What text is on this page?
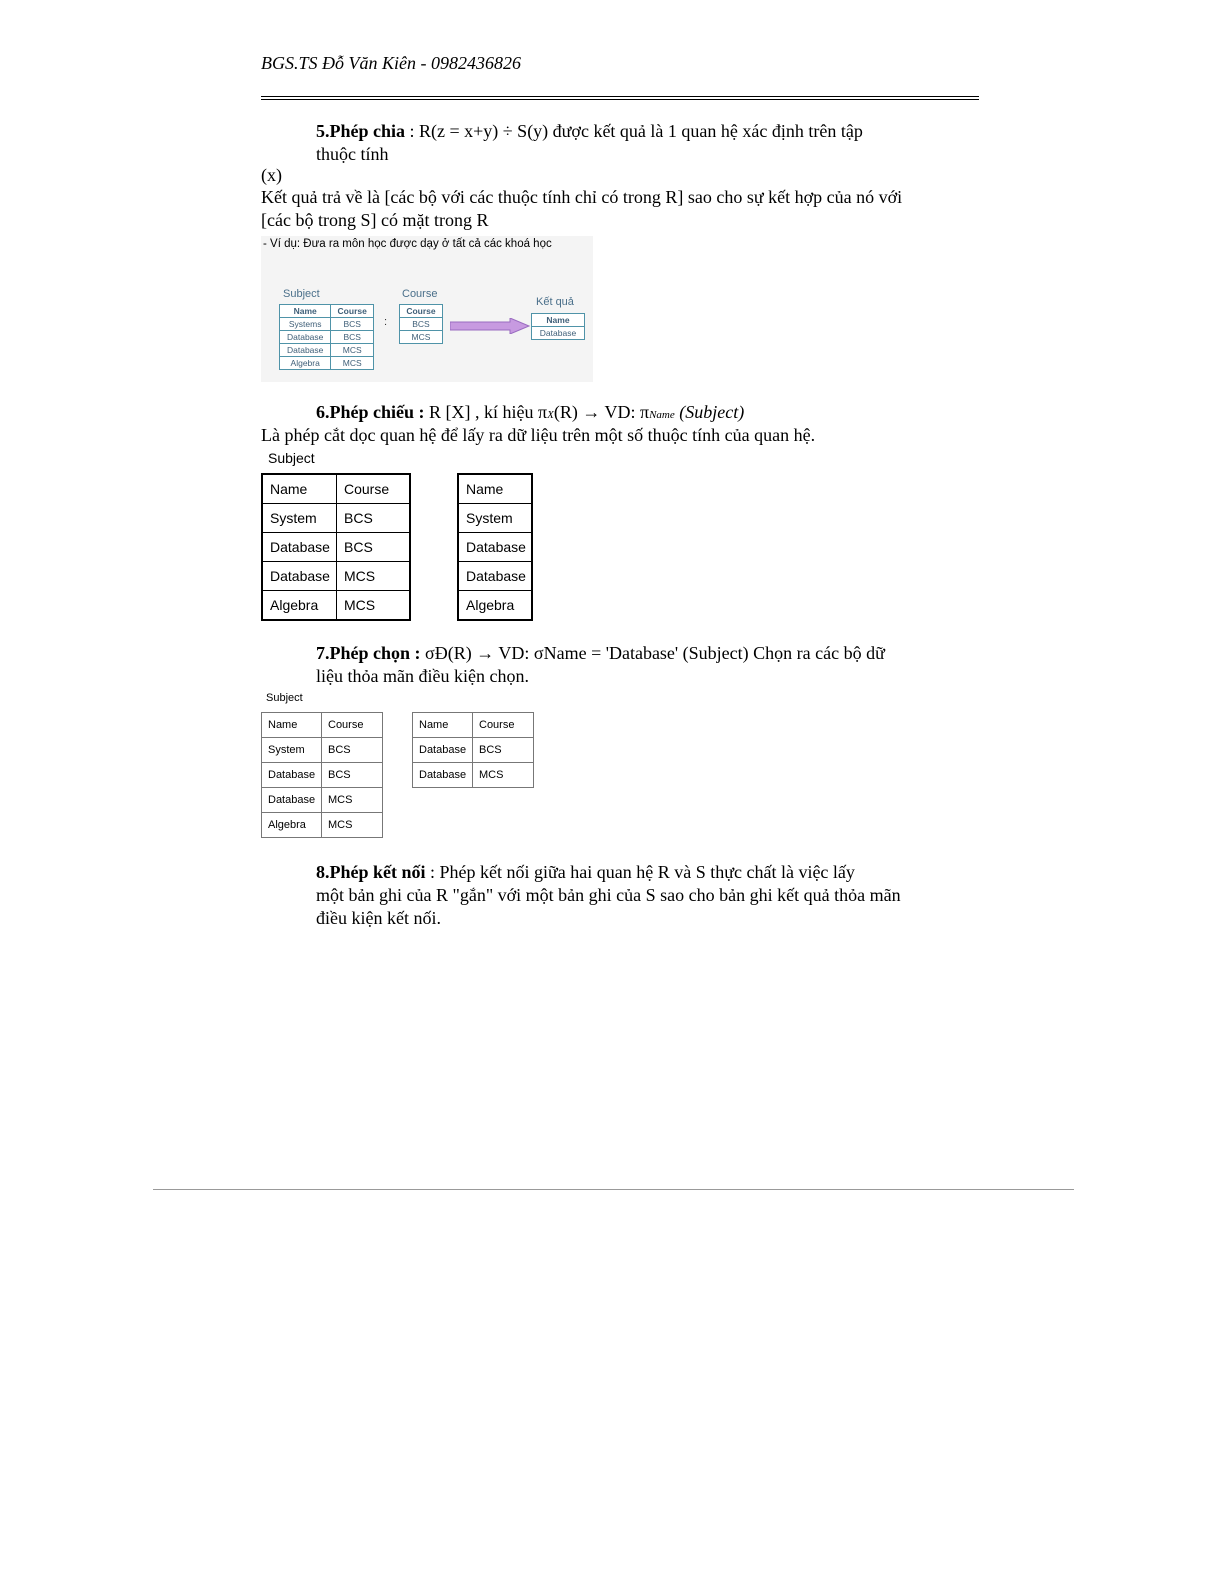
BGS.TS Đỗ Văn Kiên - 0982436826
5.Phép chia : R(z = x+y) ÷ S(y) được kết quả là 1 quan hệ xác định trên tập
thuộc tính
(x)
Kết quả trả về là [các bộ với các thuộc tính chỉ có trong R] sao cho sự kết hợp của nó với
[các bộ trong S] có mặt trong R
- Ví dụ: Đưa ra môn học được dạy ở tất cả các khoá học
Subject
Name	Course
Systems	BCS
Database	BCS
Database	MCS
Algebra	MCS
:
Course
Course
BCS
MCS
Kết quả
Name
Database
6.Phép chiếu : R [X] , kí hiệu πX(R) → VD: πName (Subject)
Là phép cắt dọc quan hệ để lấy ra dữ liệu trên một số thuộc tính của quan hệ.
Subject
Name	Course
System	BCS
Database	BCS
Database	MCS
Algebra	MCS
Name
System
Database
Database
Algebra
7.Phép chọn : σĐ(R) → VD: σName = 'Database' (Subject) Chọn ra các bộ dữ
liệu thỏa mãn điều kiện chọn.
Subject
Name	Course
System	BCS
Database	BCS
Database	MCS
Algebra	MCS
Name	Course
Database	BCS
Database	MCS
8.Phép kết nối : Phép kết nối giữa hai quan hệ R và S thực chất là việc lấy
một bản ghi của R "gắn" với một bản ghi của S sao cho bản ghi kết quả thỏa mãn
điều kiện kết nối.
